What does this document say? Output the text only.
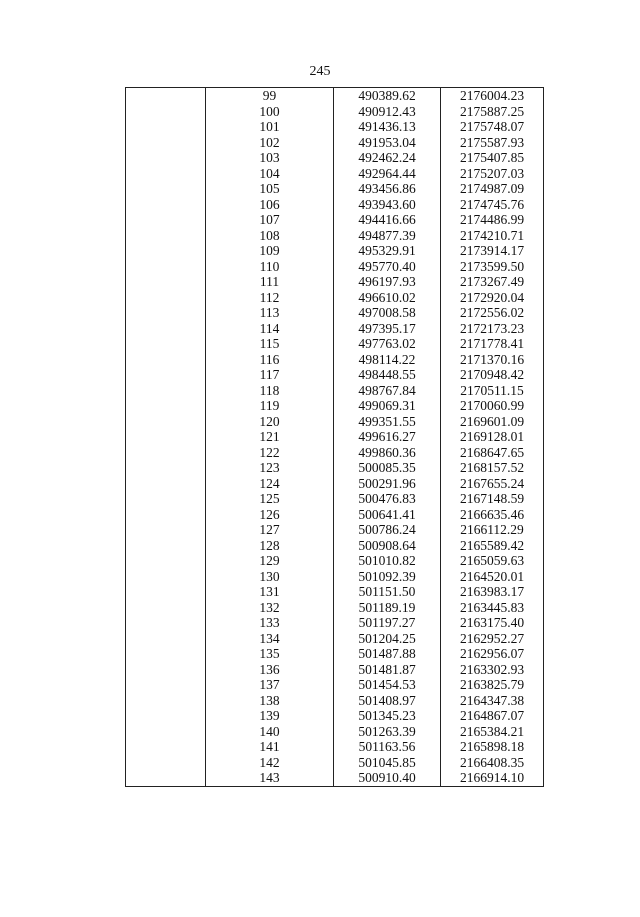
245
	99	490389.62	2176004.23
	100	490912.43	2175887.25
	101	491436.13	2175748.07
	102	491953.04	2175587.93
	103	492462.24	2175407.85
	104	492964.44	2175207.03
	105	493456.86	2174987.09
	106	493943.60	2174745.76
	107	494416.66	2174486.99
	108	494877.39	2174210.71
	109	495329.91	2173914.17
	110	495770.40	2173599.50
	111	496197.93	2173267.49
	112	496610.02	2172920.04
	113	497008.58	2172556.02
	114	497395.17	2172173.23
	115	497763.02	2171778.41
	116	498114.22	2171370.16
	117	498448.55	2170948.42
	118	498767.84	2170511.15
	119	499069.31	2170060.99
	120	499351.55	2169601.09
	121	499616.27	2169128.01
	122	499860.36	2168647.65
	123	500085.35	2168157.52
	124	500291.96	2167655.24
	125	500476.83	2167148.59
	126	500641.41	2166635.46
	127	500786.24	2166112.29
	128	500908.64	2165589.42
	129	501010.82	2165059.63
	130	501092.39	2164520.01
	131	501151.50	2163983.17
	132	501189.19	2163445.83
	133	501197.27	2163175.40
	134	501204.25	2162952.27
	135	501487.88	2162956.07
	136	501481.87	2163302.93
	137	501454.53	2163825.79
	138	501408.97	2164347.38
	139	501345.23	2164867.07
	140	501263.39	2165384.21
	141	501163.56	2165898.18
	142	501045.85	2166408.35
	143	500910.40	2166914.10
